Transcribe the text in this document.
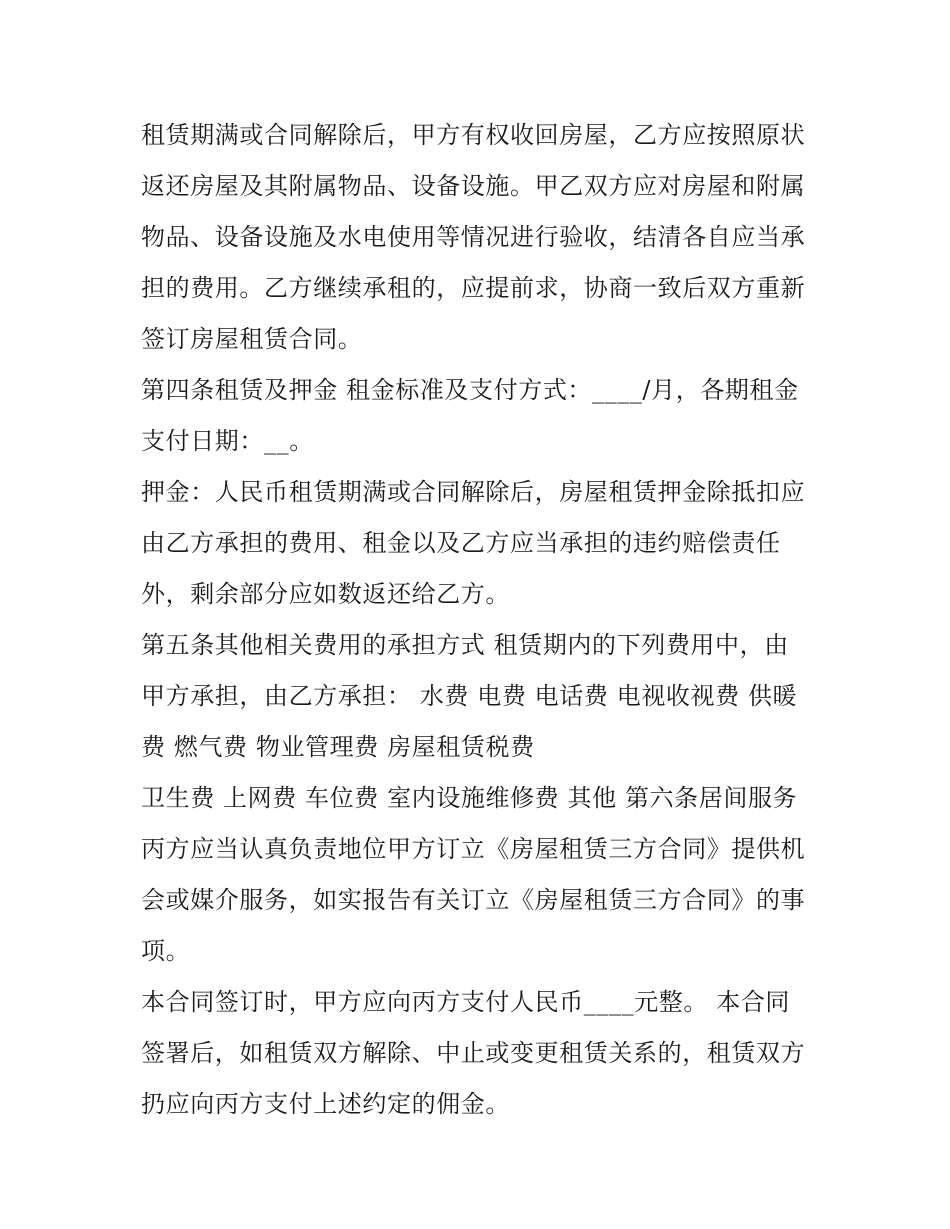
租赁期满或合同解除后，甲方有权收回房屋，乙方应按照原状
返还房屋及其附属物品、设备设施。甲乙双方应对房屋和附属
物品、设备设施及水电使用等情况进行验收，结清各自应当承
担的费用。乙方继续承租的，应提前求，协商一致后双方重新
签订房屋租赁合同。
第四条租赁及押金 租金标准及支付方式：____/月，各期租金
支付日期：__。
押金：人民币租赁期满或合同解除后，房屋租赁押金除抵扣应
由乙方承担的费用、租金以及乙方应当承担的违约赔偿责任
外，剩余部分应如数返还给乙方。
第五条其他相关费用的承担方式 租赁期内的下列费用中，由
甲方承担，由乙方承担： 水费 电费 电话费 电视收视费 供暖
费 燃气费 物业管理费 房屋租赁税费
卫生费 上网费 车位费 室内设施维修费 其他 第六条居间服务
丙方应当认真负责地位甲方订立《房屋租赁三方合同》提供机
会或媒介服务，如实报告有关订立《房屋租赁三方合同》的事
项。
本合同签订时，甲方应向丙方支付人民币____元整。 本合同
签署后，如租赁双方解除、中止或变更租赁关系的，租赁双方
扔应向丙方支付上述约定的佣金。
